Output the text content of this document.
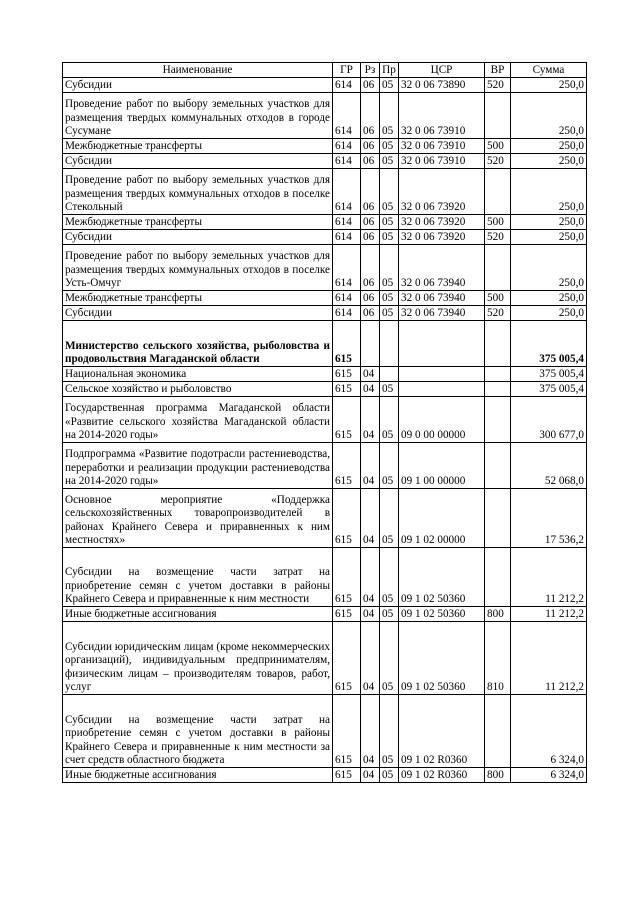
Наименование	ГР	Рз	Пр	ЦСР	ВР	Сумма
Субсидии	614	06	05	32 0 06 73890	520	250,0
Проведение работ по выбору земельных участков для размещения твердых коммунальных отходов в городе Сусумане	614	06	05	32 0 06 73910		250,0
Межбюджетные трансферты	614	06	05	32 0 06 73910	500	250,0
Субсидии	614	06	05	32 0 06 73910	520	250,0
Проведение работ по выбору земельных участков для размещения твердых коммунальных отходов в поселке Стекольный	614	06	05	32 0 06 73920		250,0
Межбюджетные трансферты	614	06	05	32 0 06 73920	500	250,0
Субсидии	614	06	05	32 0 06 73920	520	250,0
Проведение работ по выбору земельных участков для размещения твердых коммунальных отходов в поселке Усть-Омчуг	614	06	05	32 0 06 73940		250,0
Межбюджетные трансферты	614	06	05	32 0 06 73940	500	250,0
Субсидии	614	06	05	32 0 06 73940	520	250,0
Министерство сельского хозяйства, рыболовства и продовольствия Магаданской области	615					375 005,4
Национальная экономика	615	04				375 005,4
Сельское хозяйство и рыболовство	615	04	05			375 005,4
Государственная программа Магаданской области «Развитие сельского хозяйства Магаданской области на 2014-2020 годы»	615	04	05	09 0 00 00000		300 677,0
Подпрограмма «Развитие подотрасли растениеводства, переработки и реализации продукции растениеводства на 2014-2020 годы»	615	04	05	09 1 00 00000		52 068,0
Основное мероприятие «Поддержка сельскохозяйственных товаропроизводителей в районах Крайнего Севера и приравненных к ним местностях»	615	04	05	09 1 02 00000		17 536,2
Субсидии на возмещение части затрат на приобретение семян с учетом доставки в районы Крайнего Севера и приравненные к ним местности	615	04	05	09 1 02 50360		11 212,2
Иные бюджетные ассигнования	615	04	05	09 1 02 50360	800	11 212,2
Субсидии юридическим лицам (кроме некоммерческих организаций), индивидуальным предпринимателям, физическим лицам – производителям товаров, работ, услуг	615	04	05	09 1 02 50360	810	11 212,2
Субсидии на возмещение части затрат на приобретение семян с учетом доставки в районы Крайнего Севера и приравненные к ним местности за счет средств областного бюджета	615	04	05	09 1 02 R0360		6 324,0
Иные бюджетные ассигнования	615	04	05	09 1 02 R0360	800	6 324,0
